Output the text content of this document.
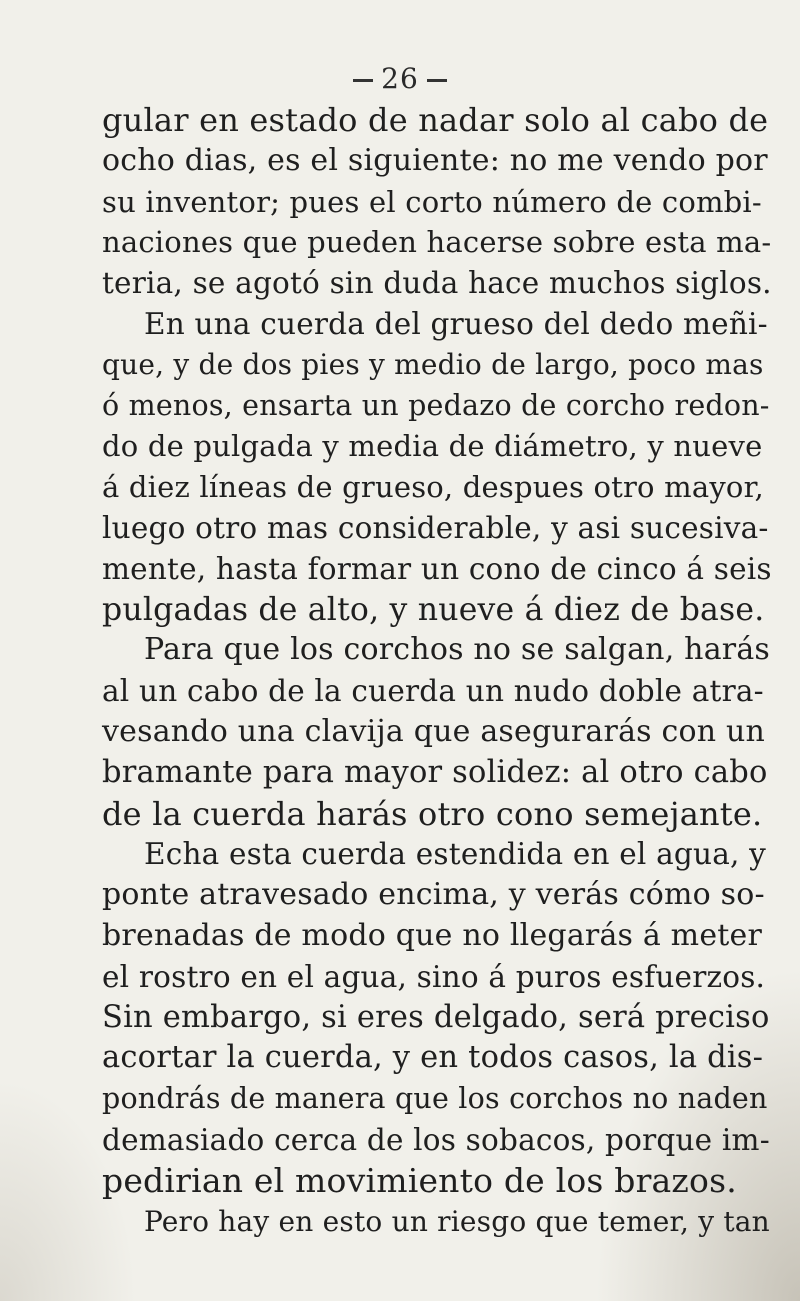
26
gular en estado de nadar solo al cabo de
ocho dias, es el siguiente: no me vendo por
su inventor; pues el corto número de combi-
naciones que pueden hacerse sobre esta ma-
teria, se agotó sin duda hace muchos siglos.
En una cuerda del grueso del dedo meñi-
que, y de dos pies y medio de largo, poco mas
ó menos, ensarta un pedazo de corcho redon-
do de pulgada y media de diámetro, y nueve
á diez líneas de grueso, despues otro mayor,
luego otro mas considerable, y asi sucesiva-
mente, hasta formar un cono de cinco á seis
pulgadas de alto, y nueve á diez de base.
Para que los corchos no se salgan, harás
al un cabo de la cuerda un nudo doble atra-
vesando una clavija que asegurarás con un
bramante para mayor solidez: al otro cabo
de la cuerda harás otro cono semejante.
Echa esta cuerda estendida en el agua, y
ponte atravesado encima, y verás cómo so-
brenadas de modo que no llegarás á meter
el rostro en el agua, sino á puros esfuerzos.
Sin embargo, si eres delgado, será preciso
acortar la cuerda, y en todos casos, la dis-
pondrás de manera que los corchos no naden
demasiado cerca de los sobacos, porque im-
pedirian el movimiento de los brazos.
Pero hay en esto un riesgo que temer, y tan
